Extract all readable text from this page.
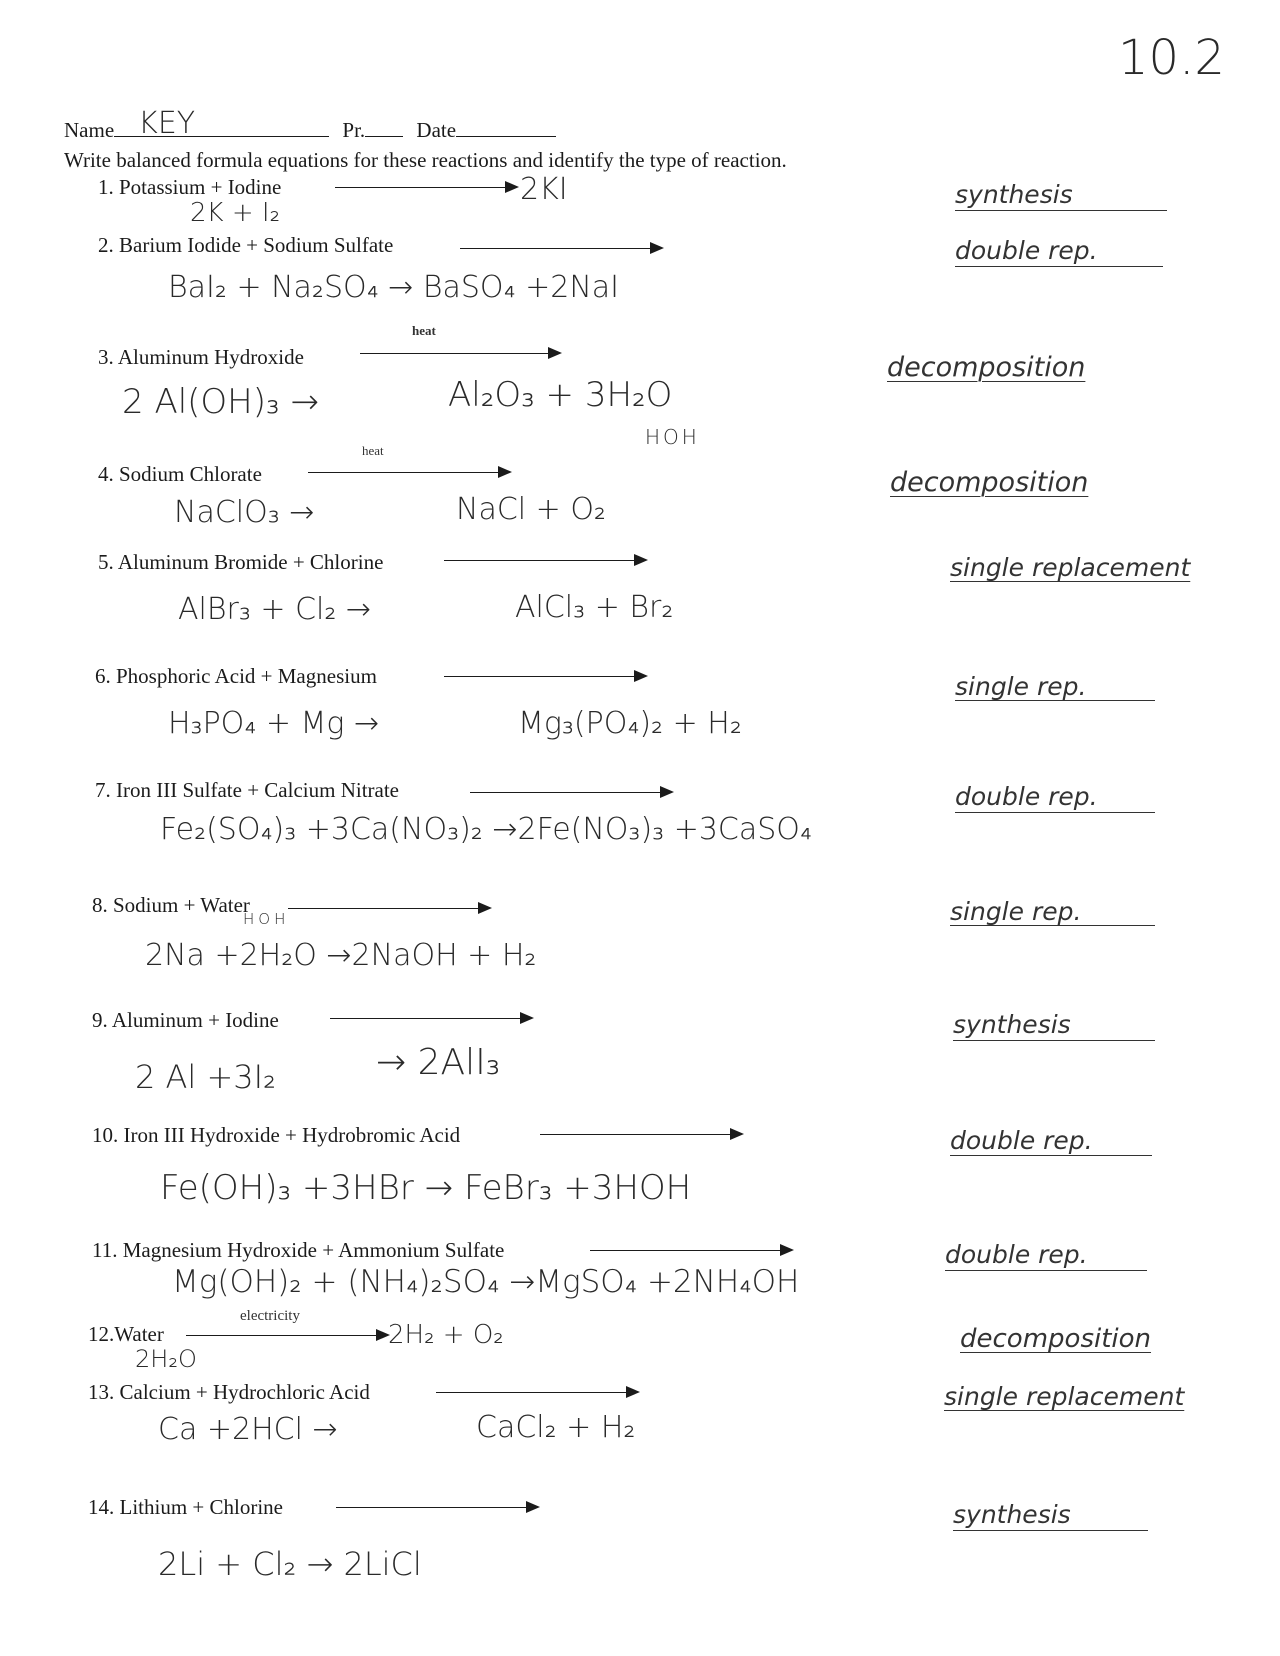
10.2
Name KEY	Pr. Date
Write balanced formula equations for these reactions and identify the type of reaction.
1. Potassium + Iodine	2KI
2K + I₂
synthesis
2. Barium Iodide + Sodium Sulfate
BaI₂ + Na₂SO₄ → BaSO₄ +2NaI
double rep.
heat
3. Aluminum Hydroxide
2 Al(OH)₃ →	Al₂O₃ + 3H₂O
HOH
decomposition
heat
4. Sodium Chlorate
NaClO₃ →	NaCl + O₂
decomposition
5. Aluminum Bromide + Chlorine
AlBr₃ + Cl₂ →	AlCl₃ + Br₂
single replacement
6. Phosphoric Acid + Magnesium
H₃PO₄ + Mg →	Mg₃(PO₄)₂ + H₂
single rep.
7. Iron III Sulfate + Calcium Nitrate
Fe₂(SO₄)₃ +3Ca(NO₃)₂ →2Fe(NO₃)₃ +3CaSO₄
double rep.
8. Sodium + Water
HOH
2Na +2H₂O →2NaOH + H₂
single rep.
9. Aluminum + Iodine
2 Al +3I₂	→ 2AlI₃
synthesis
10. Iron III Hydroxide + Hydrobromic Acid
Fe(OH)₃ +3HBr → FeBr₃ +3HOH
double rep.
11. Magnesium Hydroxide + Ammonium Sulfate
Mg(OH)₂ + (NH₄)₂SO₄ →MgSO₄ +2NH₄OH
double rep.
electricity
12.Water	2H₂ + O₂
2H₂O
decomposition
13. Calcium + Hydrochloric Acid
Ca +2HCl →	CaCl₂ + H₂
single replacement
14. Lithium + Chlorine
2Li + Cl₂ → 2LiCl
synthesis
